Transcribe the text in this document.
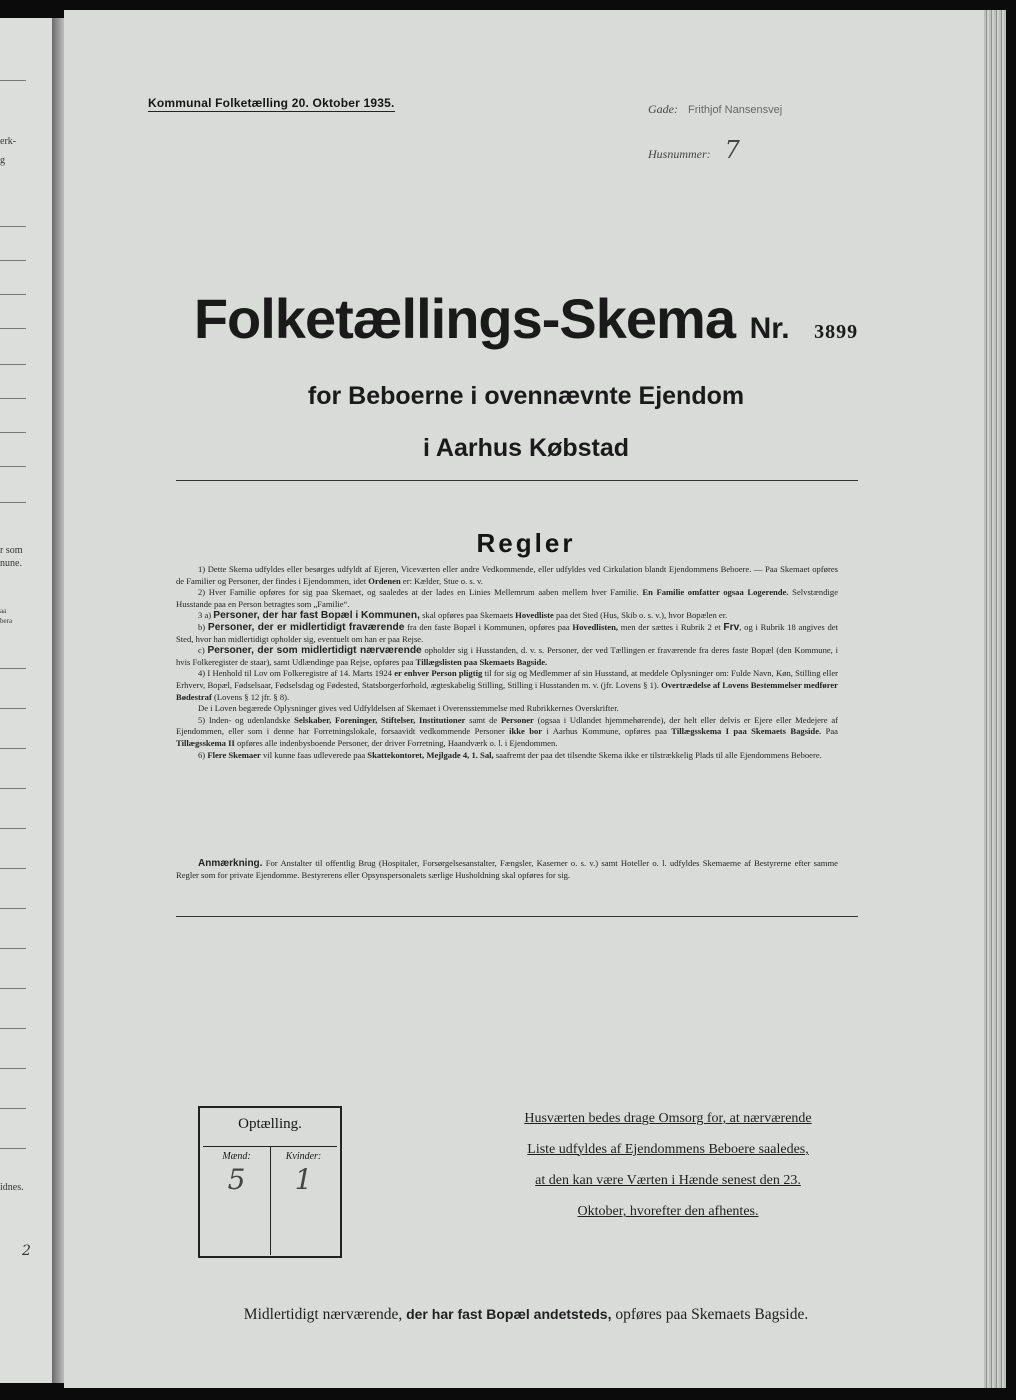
erk-
g
r som
nune.
aa
bera
idnes.
2
Kommunal Folketælling 20. Oktober 1935.	Gade: Frithjof Nansensvej
Husnummer: 7
Folketællings-Skema Nr. 3899
for Beboerne i ovennævnte Ejendom
i Aarhus Købstad
Regler

1) Dette Skema udfyldes eller besørges udfyldt af Ejeren, Viceværten eller andre Vedkommende, eller udfyldes ved Cirkulation blandt Ejendommens Beboere. — Paa Skemaet opføres de Familier og Personer, der findes i Ejendommen, idet Ordenen er: Kælder, Stue o. s. v.

2) Hver Familie opføres for sig paa Skemaet, og saaledes at der lades en Linies Mellemrum aaben mellem hver Familie. En Familie omfatter ogsaa Logerende. Selvstændige Husstande paa en Person betragtes som „Familie“.

3 a) Personer, der har fast Bopæl i Kommunen, skal opføres paa Skemaets Hovedliste paa det Sted (Hus, Skib o. s. v.), hvor Bopælen er.

b) Personer, der er midlertidigt fraværende fra den faste Bopæl i Kommunen, opføres paa Hovedlisten, men der sættes i Rubrik 2 et Frv, og i Rubrik 18 angives det Sted, hvor han midlertidigt opholder sig, eventuelt om han er paa Rejse.

c) Personer, der som midlertidigt nærværende opholder sig i Husstanden, d. v. s. Personer, der ved Tællingen er fraværende fra deres faste Bopæl (den Kommune, i hvis Folkeregister de staar), samt Udlændinge paa Rejse, opføres paa Tillægslisten paa Skemaets Bagside.

4) I Henhold til Lov om Folkeregistre af 14. Marts 1924 er enhver Person pligtig til for sig og Medlemmer af sin Husstand, at meddele Oplysninger om: Fulde Navn, Køn, Stilling eller Erhverv, Bopæl, Fødselsaar, Fødselsdag og Fødested, Statsborgerforhold, ægteskabelig Stilling, Stilling i Husstanden m. v. (jfr. Lovens § 1). Overtrædelse af Lovens Bestemmelser medfører Bødestraf (Lovens § 12 jfr. § 8).

De i Loven begærede Oplysninger gives ved Udfyldelsen af Skemaet i Overensstemmelse med Rubrikkernes Overskrifter.

5) Inden- og udenlandske Selskaber, Foreninger, Stiftelser, Institutioner samt de Personer (ogsaa i Udlandet hjemmehørende), der helt eller delvis er Ejere eller Medejere af Ejendommen, eller som i denne har Forretningslokale, forsaavidt vedkommende Personer ikke bor i Aarhus Kommune, opføres paa Tillægsskema I paa Skemaets Bagside. Paa Tillægsskema II opføres alle indenbysboende Personer, der driver Forretning, Haandværk o. l. i Ejendommen.

6) Flere Skemaer vil kunne faas udleverede paa Skattekontoret, Mejlgade 4, 1. Sal, saafremt der paa det tilsendte Skema ikke er tilstrækkelig Plads til alle Ejendommens Beboere.

Anmærkning. For Anstalter til offentlig Brug (Hospitaler, Forsørgelsesanstalter, Fængsler, Kaserner o. s. v.) samt Hoteller o. l. udfyldes Skemaerne af Bestyrerne efter samme Regler som for private Ejendomme. Bestyrerens eller Opsynspersonalets særlige Husholdning skal opføres for sig.

Optælling.
Mænd:
5
Kvinder:
1
Husværten bedes drage Omsorg for, at nærværende
Liste udfyldes af Ejendommens Beboere saaledes,
at den kan være Værten i Hænde senest den 23.
Oktober, hvorefter den afhentes.
Midlertidigt nærværende, der har fast Bopæl andetsteds, opføres paa Skemaets Bagside.
